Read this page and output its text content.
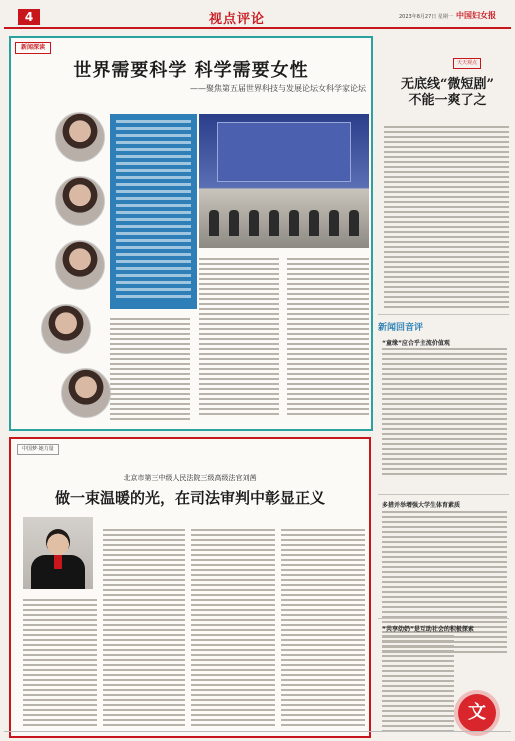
4	视点评论	2023年8月27日 星期一 中国妇女报
新闻深读
世界需要科学 科学需要女性
——聚焦第五届世界科技与发展论坛女科学家论坛
中国梦·她力量
北京市第三中级人民法院三级高级法官刘茜
做一束温暖的光，在司法审判中彰显正义
天天观点
无底线“微短剧”
不能一爽了之
新闻回音评
“童缘”应合乎主流价值观
多措并举增强大学生体育素质
“共享幼奶”是互助社会的积极探索
文
